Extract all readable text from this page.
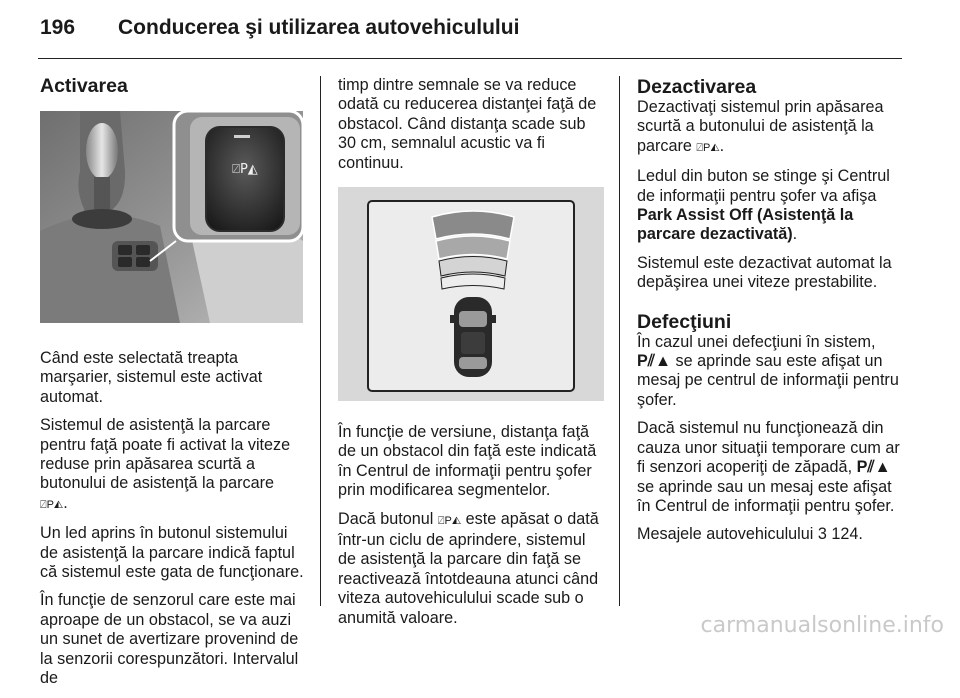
196 Conducerea şi utilizarea autovehiculului
Activarea
⍁P◭

Când este selectată treapta marşarier, sistemul este activat automat.

Sistemul de asistenţă la parcare pentru faţă poate fi activat la viteze reduse prin apăsarea scurtă a butonului de asistenţă la parcare ⍁P◭.

Un led aprins în butonul sistemului de asistenţă la parcare indică faptul că sistemul este gata de funcţionare.

În funcţie de senzorul care este mai aproape de un obstacol, se va auzi un sunet de avertizare provenind de la senzorii corespunzători. Intervalul de

timp dintre semnale se va reduce odată cu reducerea distanţei faţă de obstacol. Când distanţa scade sub 30 cm, semnalul acustic va fi continuu.

În funcţie de versiune, distanţa faţă de un obstacol din faţă este indicată în Centrul de informaţii pentru şofer prin modificarea segmentelor.

Dacă butonul ⍁P◭ este apăsat o dată într-un ciclu de aprindere, sistemul de asistenţă la parcare din faţă se reactivează întotdeauna atunci când viteza autovehiculului scade sub o anumită valoare.

Dezactivarea

Dezactivaţi sistemul prin apăsarea scurtă a butonului de asistenţă la parcare ⍁P◭.

Ledul din buton se stinge şi Centrul de informaţii pentru şofer va afişa Park Assist Off (Asistenţă la parcare dezactivată).

Sistemul este dezactivat automat la depăşirea unei viteze prestabilite.

Defecţiuni

În cazul unei defecţiuni în sistem, P⫽▲ se aprinde sau este afişat un mesaj pe centrul de informaţii pentru şofer.

Dacă sistemul nu funcţionează din cauza unor situaţii temporare cum ar fi senzori acoperiţi de zăpadă, P⫽▲ se aprinde sau un mesaj este afişat în Centrul de informaţii pentru şofer.

Mesajele autovehiculului 3 124.

carmanualsonline.info
